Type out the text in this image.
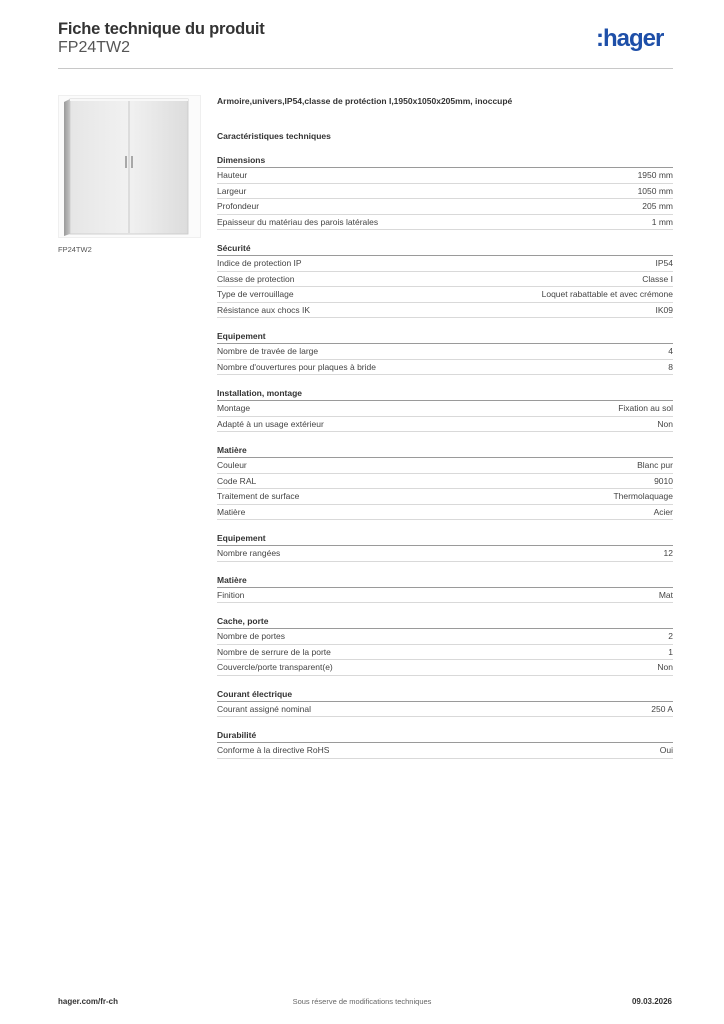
Fiche technique du produit
FP24TW2	:hager
FP24TW2
Armoire,univers,IP54,classe de protéction I,1950x1050x205mm, inoccupé
Caractéristiques techniques
Dimensions
Hauteur	1950 mm
Largeur	1050 mm
Profondeur	205 mm
Epaisseur du matériau des parois latérales	1 mm
Sécurité
Indice de protection IP	IP54
Classe de protection	Classe I
Type de verrouillage	Loquet rabattable et avec crémone
Résistance aux chocs IK	IK09
Equipement
Nombre de travée de large	4
Nombre d'ouvertures pour plaques à bride	8
Installation, montage
Montage	Fixation au sol
Adapté à un usage extérieur	Non
Matière
Couleur	Blanc pur
Code RAL	9010
Traitement de surface	Thermolaquage
Matière	Acier
Equipement
Nombre rangées	12
Matière
Finition	Mat
Cache, porte
Nombre de portes	2
Nombre de serrure de la porte	1
Couvercle/porte transparent(e)	Non
Courant électrique
Courant assigné nominal	250 A
Durabilité
Conforme à la directive RoHS	Oui
hager.com/fr-ch	Sous réserve de modifications techniques	09.03.2026
